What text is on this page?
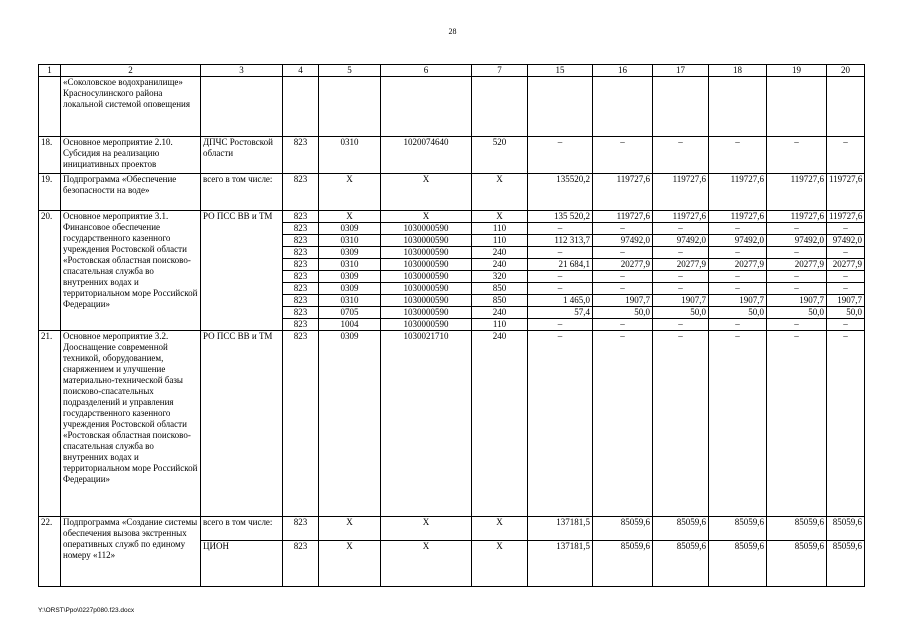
28
1	2	3	4	5	6	7	15	16	17	18	19	20
	«Соколовское водохранилище» Красносулинского района локальной системой оповещения											
18.	Основное мероприятие 2.10. Субсидия на реализацию инициативных проектов	ДПЧС Ростовской области	823	0310	1020074640	520	–	–	–	–	–	–
19.	Подпрограмма «Обеспечение безопасности на воде»	всего в том числе:	823	Х	Х	Х	135520,2	119727,6	119727,6	119727,6	119727,6	119727,6
20.	Основное мероприятие 3.1. Финансовое обеспечение государственного казенного учреждения Ростовской области «Ростовская областная поисково-спасательная служба во внутренних водах и территориальном море Российской Федерации»	РО ПСС ВВ и ТМ	823	Х	Х	Х	135 520,2	119727,6	119727,6	119727,6	119727,6	119727,6
			823	0309	1030000590	110	–	–	–	–	–	–
			823	0310	1030000590	110	112 313,7	97492,0	97492,0	97492,0	97492,0	97492,0
			823	0309	1030000590	240	–	–	–	–	–	–
			823	0310	1030000590	240	21 684,1	20277,9	20277,9	20277,9	20277,9	20277,9
			823	0309	1030000590	320	–	–	–	–	–	–
			823	0309	1030000590	850	–	–	–	–	–	–
			823	0310	1030000590	850	1 465,0	1907,7	1907,7	1907,7	1907,7	1907,7
			823	0705	1030000590	240	57,4	50,0	50,0	50,0	50,0	50,0
			823	1004	1030000590	110	–	–	–	–	–	–
21.	Основное мероприятие 3.2. Дооснащение современной техникой, оборудованием, снаряжением и улучшение материально-технической базы поисково-спасательных подразделений и управления государственного казенного учреждения Ростовской области «Ростовская областная поисково-спасательная служба во внутренних водах и территориальном море Российской Федерации»	РО ПСС ВВ и ТМ	823	0309	1030021710	240	–	–	–	–	–	–
22.	Подпрограмма «Создание системы обеспечения вызова экстренных оперативных служб по единому номеру «112»	всего в том числе:	823	Х	Х	Х	137181,5	85059,6	85059,6	85059,6	85059,6	85059,6
		ЦИОН	823	Х	Х	Х	137181,5	85059,6	85059,6	85059,6	85059,6	85059,6
Y:\ORST\Ppo\0227p080.f23.docx
